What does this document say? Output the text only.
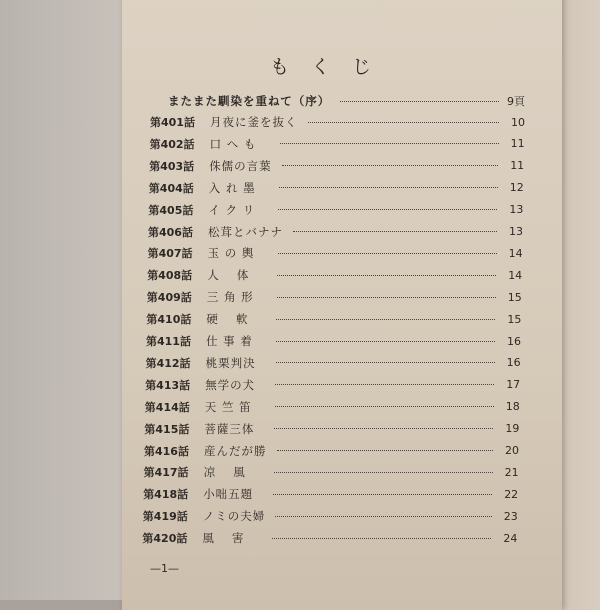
もくじ
またまた馴染を重ねて（序）	9頁
第401話	月夜に釜を抜く	10
第402話	口 へ も	11
第403話	侏儒の言葉	11
第404話	入 れ 墨	12
第405話	イ ク リ	13
第406話	松茸とバナナ	13
第407話	玉 の 輿	14
第408話	人　 体	14
第409話	三 角 形	15
第410話	硬　 軟	15
第411話	仕 事 着	16
第412話	桃栗判決	16
第413話	無学の犬	17
第414話	天 竺 笛	18
第415話	菩薩三体	19
第416話	産んだが勝	20
第417話	凉　 風	21
第418話	小咄五題	22
第419話	ノミの夫婦	23
第420話	風　 害	24
—1—
